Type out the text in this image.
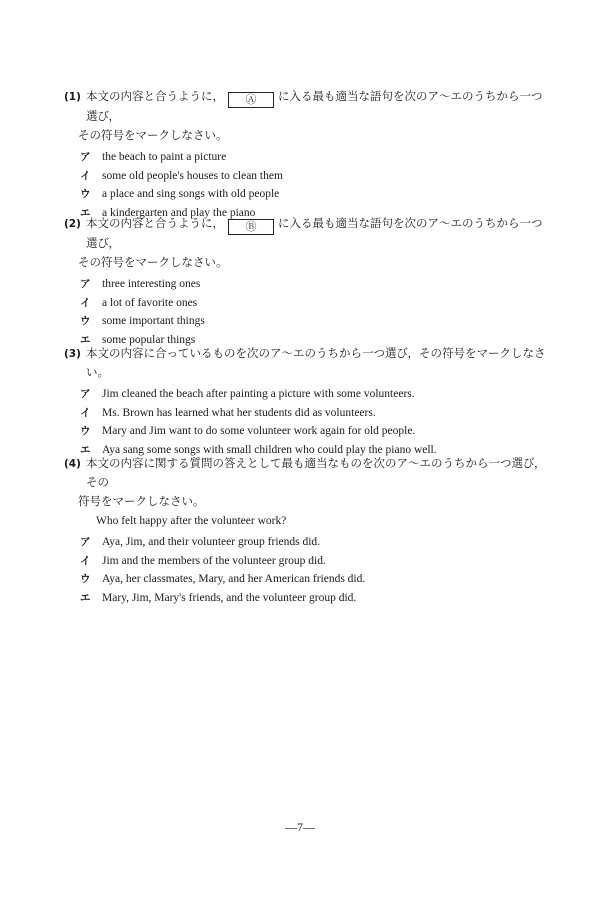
(1) 本文の内容と合うように， Ⓐ に入る最も適当な語句を次のア〜エのうちから一つ選び，
その符号をマークしなさい。
ア	the beach to paint a picture
イ	some old people's houses to clean them
ウ	a place and sing songs with old people
エ	a kindergarten and play the piano
(2) 本文の内容と合うように， Ⓑ に入る最も適当な語句を次のア〜エのうちから一つ選び，
その符号をマークしなさい。
ア	three interesting ones
イ	a lot of favorite ones
ウ	some important things
エ	some popular things
(3) 本文の内容に合っているものを次のア〜エのうちから一つ選び，その符号をマークしなさい。
ア	Jim cleaned the beach after painting a picture with some volunteers.
イ	Ms. Brown has learned what her students did as volunteers.
ウ	Mary and Jim want to do some volunteer work again for old people.
エ	Aya sang some songs with small children who could play the piano well.
(4) 本文の内容に関する質問の答えとして最も適当なものを次のア〜エのうちから一つ選び，その
符号をマークしなさい。
Who felt happy after the volunteer work?
ア	Aya, Jim, and their volunteer group friends did.
イ	Jim and the members of the volunteer group did.
ウ	Aya, her classmates, Mary, and her American friends did.
エ	Mary, Jim, Mary's friends, and the volunteer group did.
—7—
